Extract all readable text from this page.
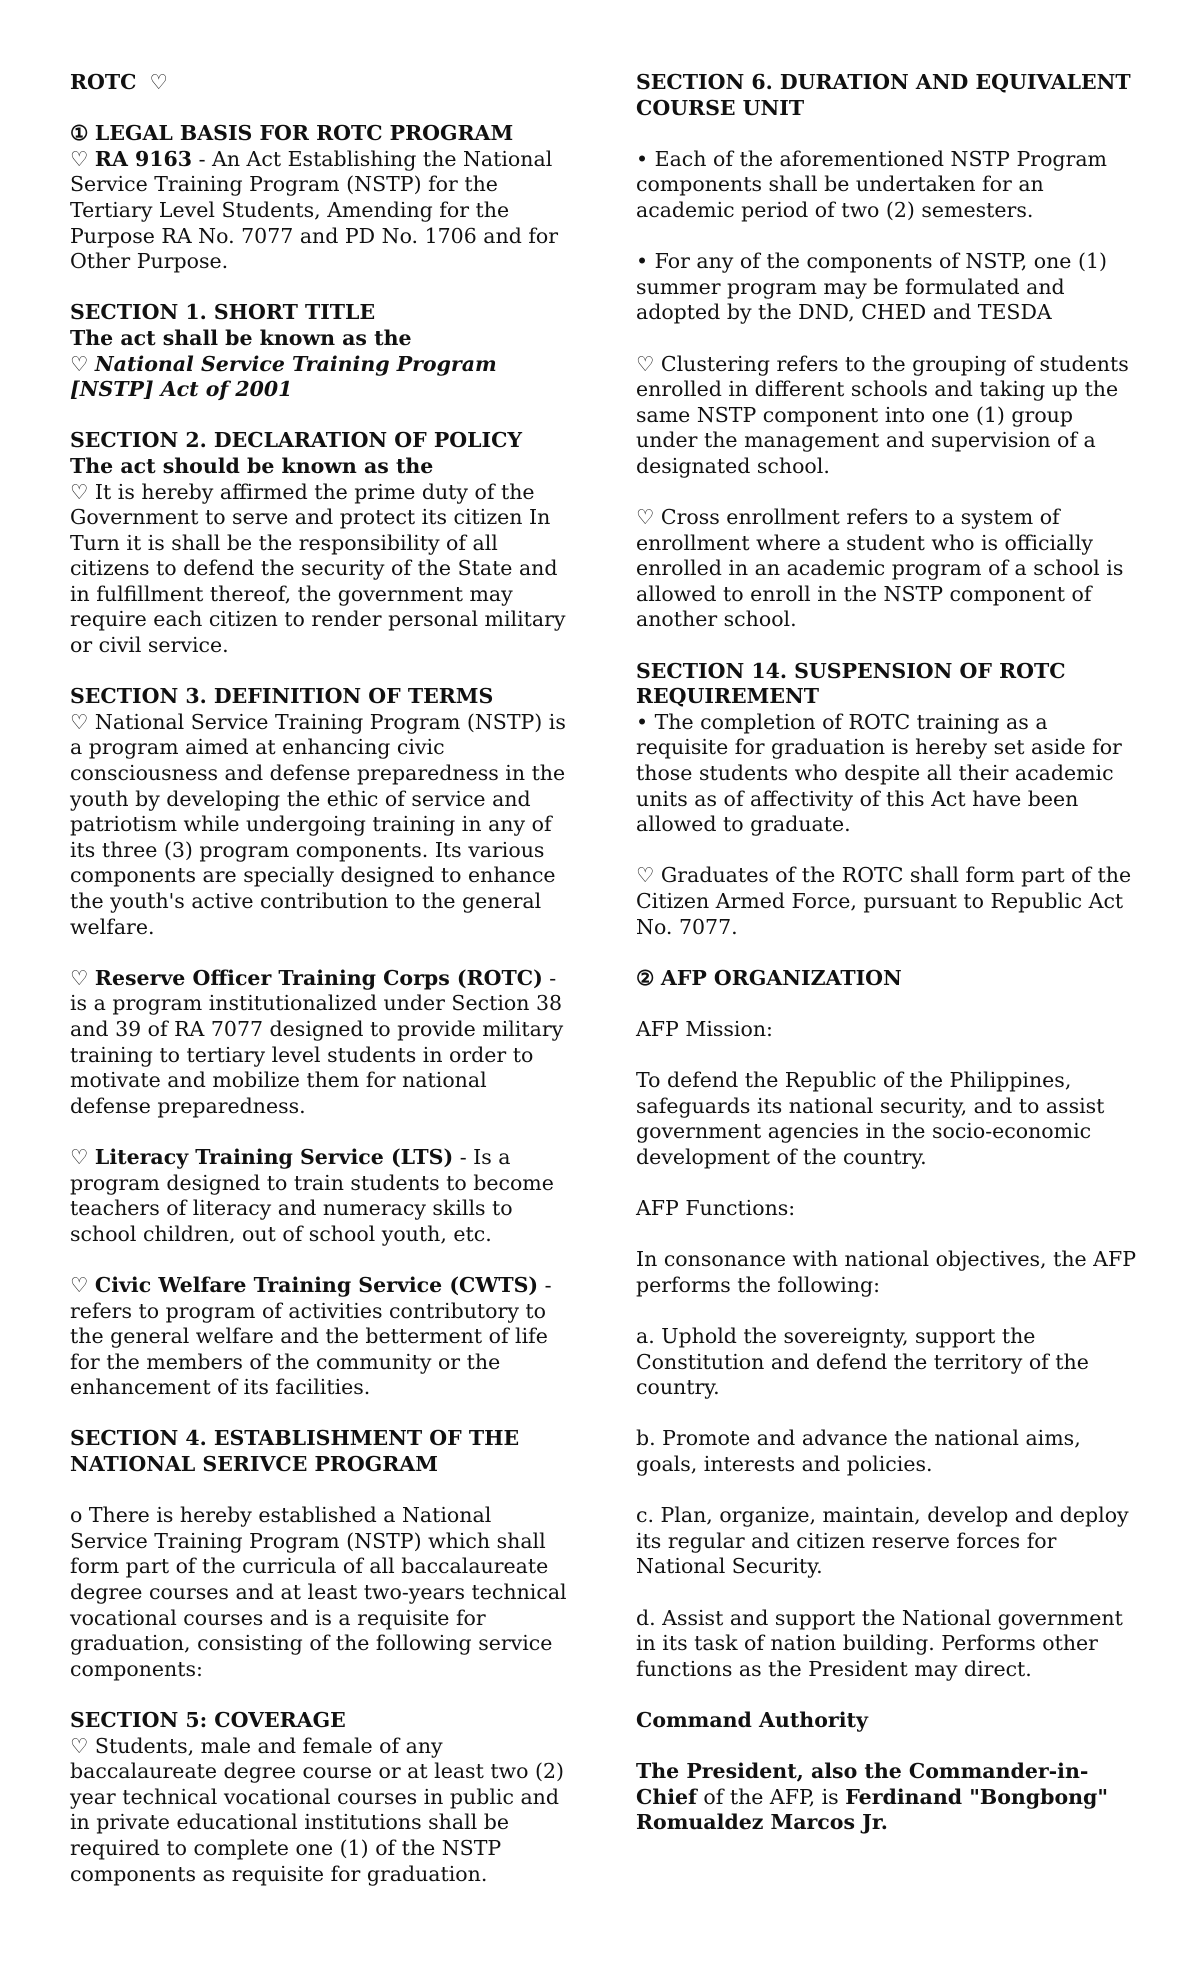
ROTC ♡

① LEGAL BASIS FOR ROTC PROGRAM
♡ RA 9163 - An Act Establishing the National Service Training Program (NSTP) for the Tertiary Level Students, Amending for the Purpose RA No. 7077 and PD No. 1706 and for Other Purpose.

SECTION 1. SHORT TITLE
The act shall be known as the
♡ National Service Training Program [NSTP] Act of 2001

SECTION 2. DECLARATION OF POLICY
The act should be known as the
♡ It is hereby affirmed the prime duty of the Government to serve and protect its citizen In Turn it is shall be the responsibility of all citizens to defend the security of the State and in fulfillment thereof, the government may require each citizen to render personal military or civil service.

SECTION 3. DEFINITION OF TERMS
♡ National Service Training Program (NSTP) is a program aimed at enhancing civic consciousness and defense preparedness in the youth by developing the ethic of service and patriotism while undergoing training in any of its three (3) program components. Its various components are specially designed to enhance the youth's active contribution to the general welfare.

♡ Reserve Officer Training Corps (ROTC) - is a program institutionalized under Section 38 and 39 of RA 7077 designed to provide military training to tertiary level students in order to motivate and mobilize them for national defense preparedness.

♡ Literacy Training Service (LTS) - Is a program designed to train students to become teachers of literacy and numeracy skills to school children, out of school youth, etc.

♡ Civic Welfare Training Service (CWTS) - refers to program of activities contributory to the general welfare and the betterment of life for the members of the community or the enhancement of its facilities.

SECTION 4. ESTABLISHMENT OF THE NATIONAL SERIVCE PROGRAM

o There is hereby established a National Service Training Program (NSTP) which shall form part of the curricula of all baccalaureate degree courses and at least two-years technical vocational courses and is a requisite for graduation, consisting of the following service components:

SECTION 5: COVERAGE
♡ Students, male and female of any baccalaureate degree course or at least two (2) year technical vocational courses in public and in private educational institutions shall be required to complete one (1) of the NSTP components as requisite for graduation.

SECTION 6. DURATION AND EQUIVALENT COURSE UNIT

• Each of the aforementioned NSTP Program components shall be undertaken for an academic period of two (2) semesters.

• For any of the components of NSTP, one (1) summer program may be formulated and adopted by the DND, CHED and TESDA

♡ Clustering refers to the grouping of students enrolled in different schools and taking up the same NSTP component into one (1) group under the management and supervision of a designated school.

♡ Cross enrollment refers to a system of enrollment where a student who is officially enrolled in an academic program of a school is allowed to enroll in the NSTP component of another school.

SECTION 14. SUSPENSION OF ROTC REQUIREMENT
• The completion of ROTC training as a requisite for graduation is hereby set aside for those students who despite all their academic units as of affectivity of this Act have been allowed to graduate.

♡ Graduates of the ROTC shall form part of the Citizen Armed Force, pursuant to Republic Act No. 7077.

② AFP ORGANIZATION

AFP Mission:

To defend the Republic of the Philippines, safeguards its national security, and to assist government agencies in the socio-economic development of the country.

AFP Functions:

In consonance with national objectives, the AFP performs the following:

a. Uphold the sovereignty, support the Constitution and defend the territory of the country.

b. Promote and advance the national aims, goals, interests and policies.

c. Plan, organize, maintain, develop and deploy its regular and citizen reserve forces for National Security.

d. Assist and support the National government in its task of nation building. Performs other functions as the President may direct.

Command Authority

The President, also the Commander-in-Chief of the AFP, is Ferdinand "Bongbong" Romualdez Marcos Jr.
